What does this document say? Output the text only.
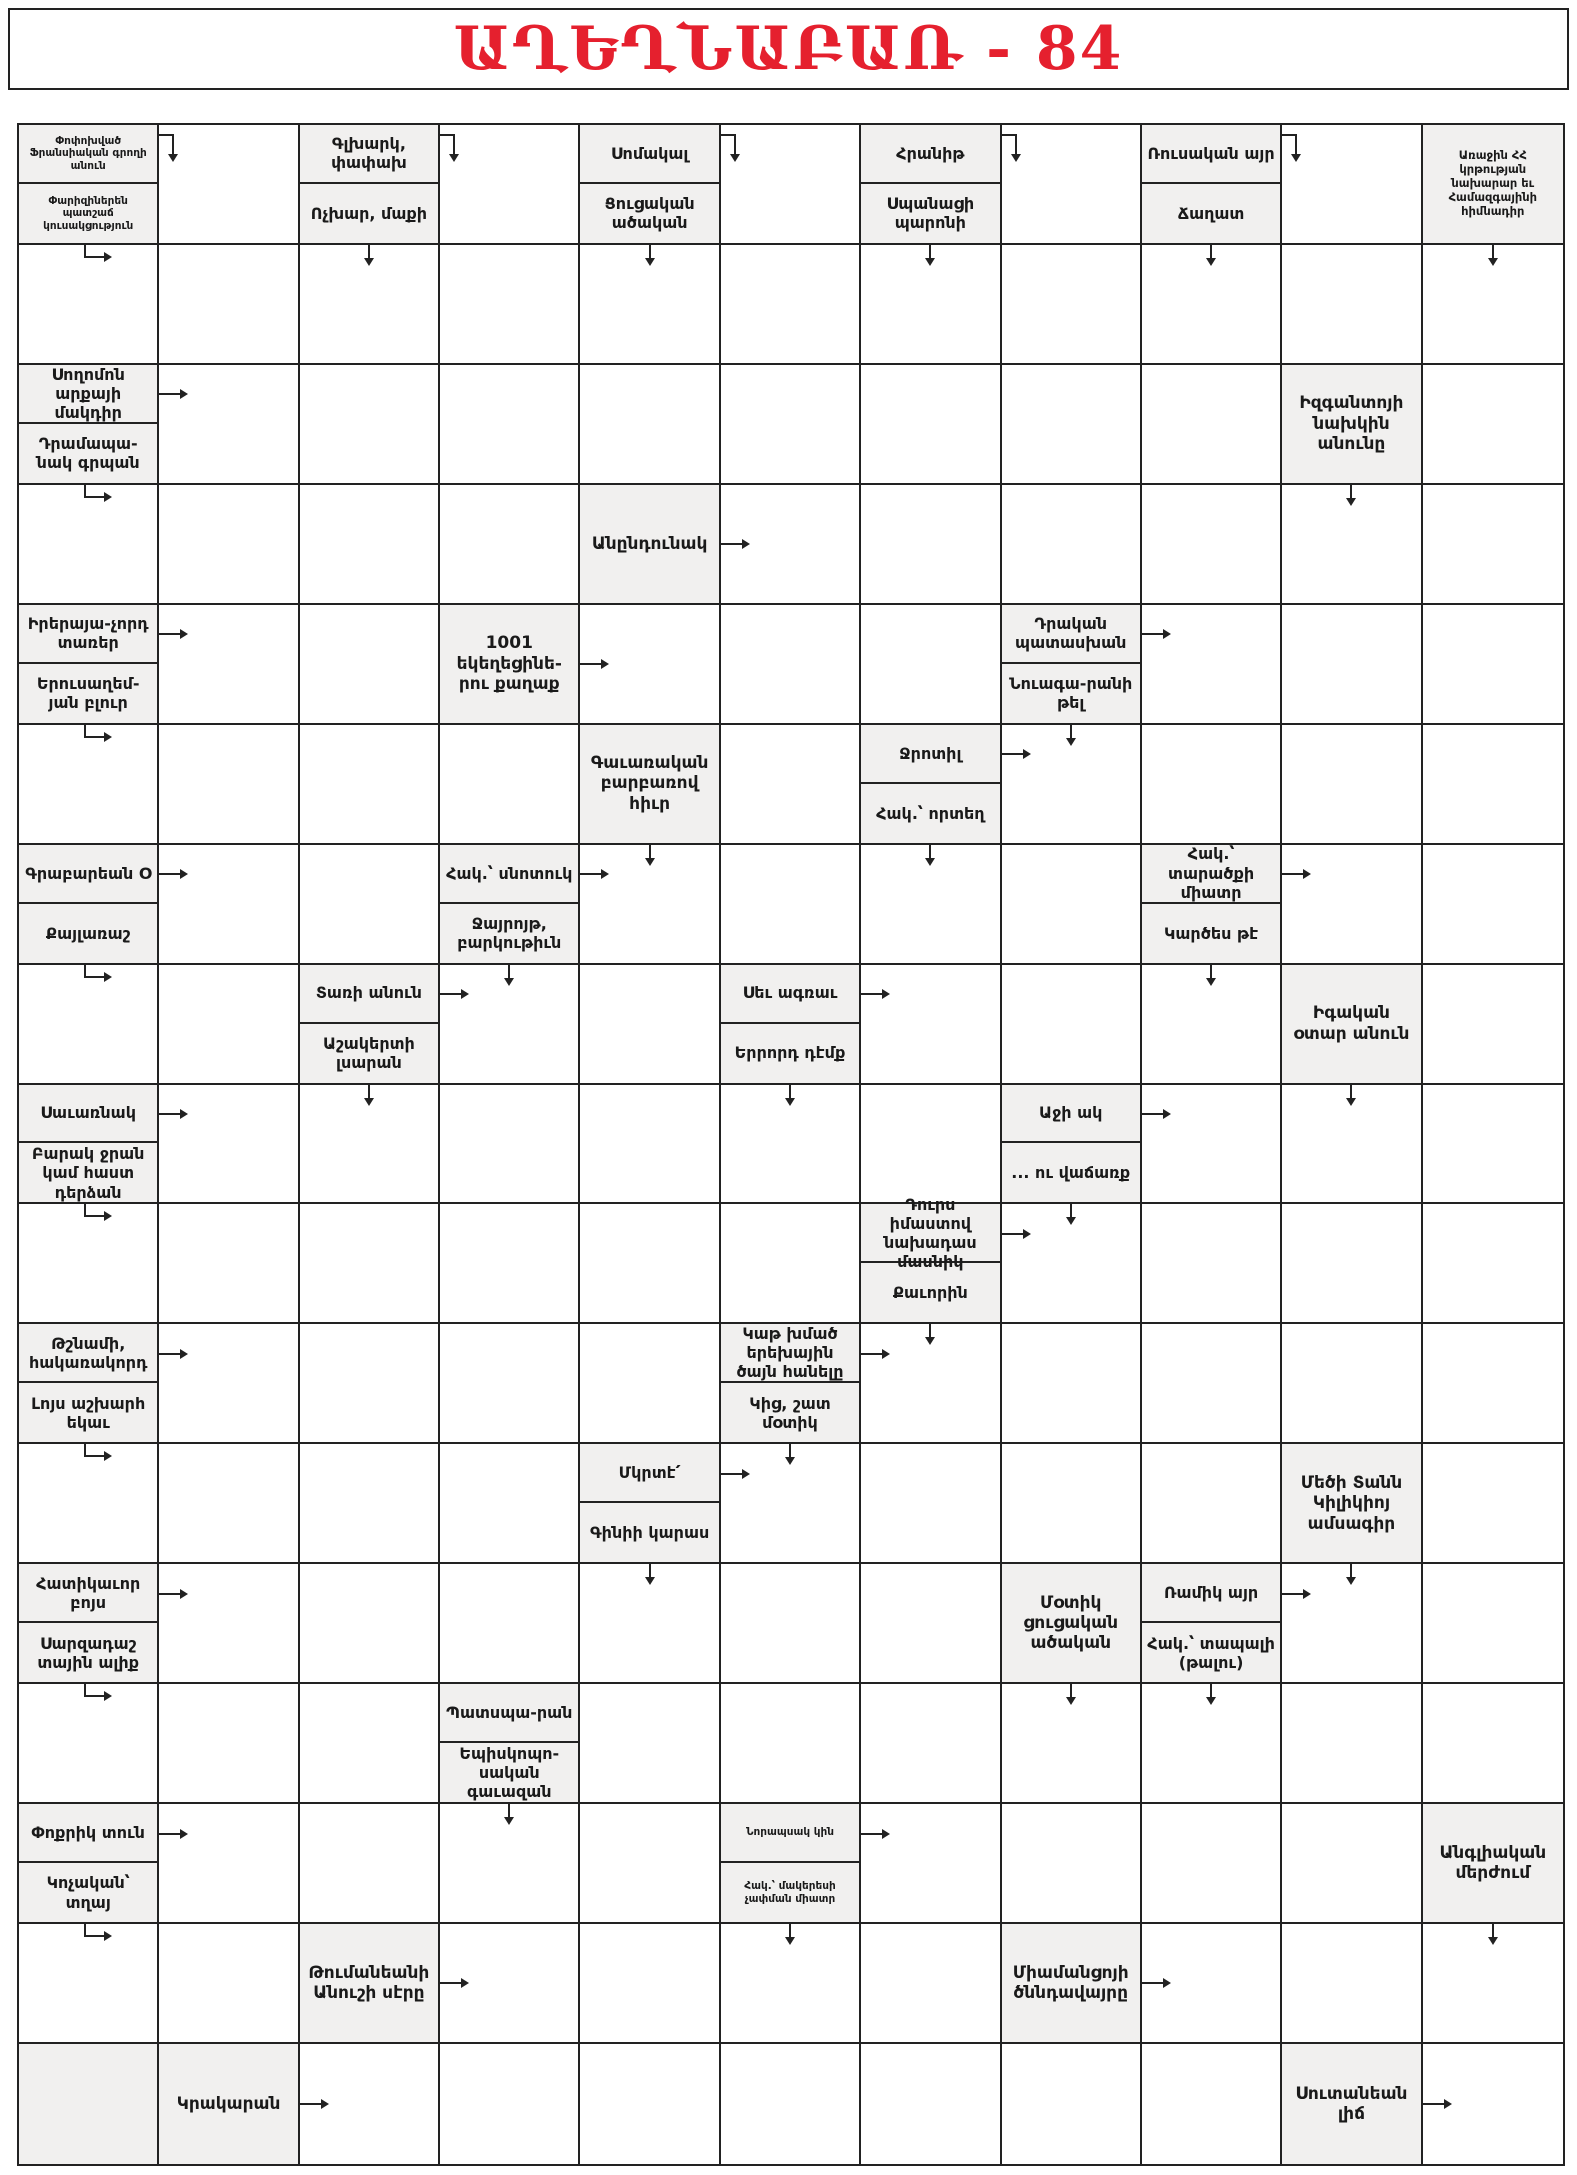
ԱՂԵՂՆԱԲԱՌ - 84
Փոփոխված Ֆրանսիական գրողի անուն
Փարիզիներեն պատշաճ կուսակցություն
Գլխարկ, փափախ
Ոչխար, մաքի
Սոմակալ
Ցուցական ածական
Հրանիթ
Սպանացի պարոնի
Ռուսական այր
Ճաղատ
Առաջին ՀՀ կրթության նախարար եւ Համազգայինի հիմնադիր
Սողոմոն արքայի մակդիր
Դրամապա-նակ գրպան
Իզգանտոյի նախկին անունը
Անընդունակ
Իրերայա-չորդ տառեր
Երուսաղեմ-յան բլուր
1001 եկեղեցինե-րու քաղաք
Դրական պատասխան
Նուագա-րանի թել
Գաւառական բարբառով հիւր
Ջրոտիլ
Հակ.՝ որտեղ
Գրաբարեան Օ
Քայլառաշ
Հակ.՝ սնոտուկ
Ջայրոյթ, բարկութիւն
Հակ.՝ տարածքի միատր
Կարծես թէ
Տառի անուն
Աշակերտի լսարան
Սեւ ագռաւ
Երրորդ դէմք
Իգական օտար անուն
Սաւառնակ
Բարակ ջրան կամ հաստ դերձան
Աջի ակ
... ու վաճառք
Դուրս իմաստով նախադաս մասնիկ
Քաւորին
Թշնամի, հակառակորդ
Լոյս աշխարհ եկաւ
Կաթ խմած երեխային ծայն հանելը
Կից, շատ մօտիկ
Մկրտէ՛
Գինիի կարաս
Մեծի Տանն Կիլիկիոյ ամսագիր
Հատիկաւոր բոյս
Սարզադաշ տային ալիք
Մօտիկ ցուցական ածական
Ռամիկ այր
Հակ.՝ տապալի (թալու)
Պատսպա-րան
Եպիսկոպո-սական գաւազան
Փոքրիկ տուն
Կոչական՝ տղայ
Նորապսակ կին
Հակ.՝ մակերեսի չափման միատր
Անգլիական մերժում
Թումանեանի Անուշի սէրը
Միամանցոյի ծննդավայրը
Կրակարան
Սուտանեան լիճ
